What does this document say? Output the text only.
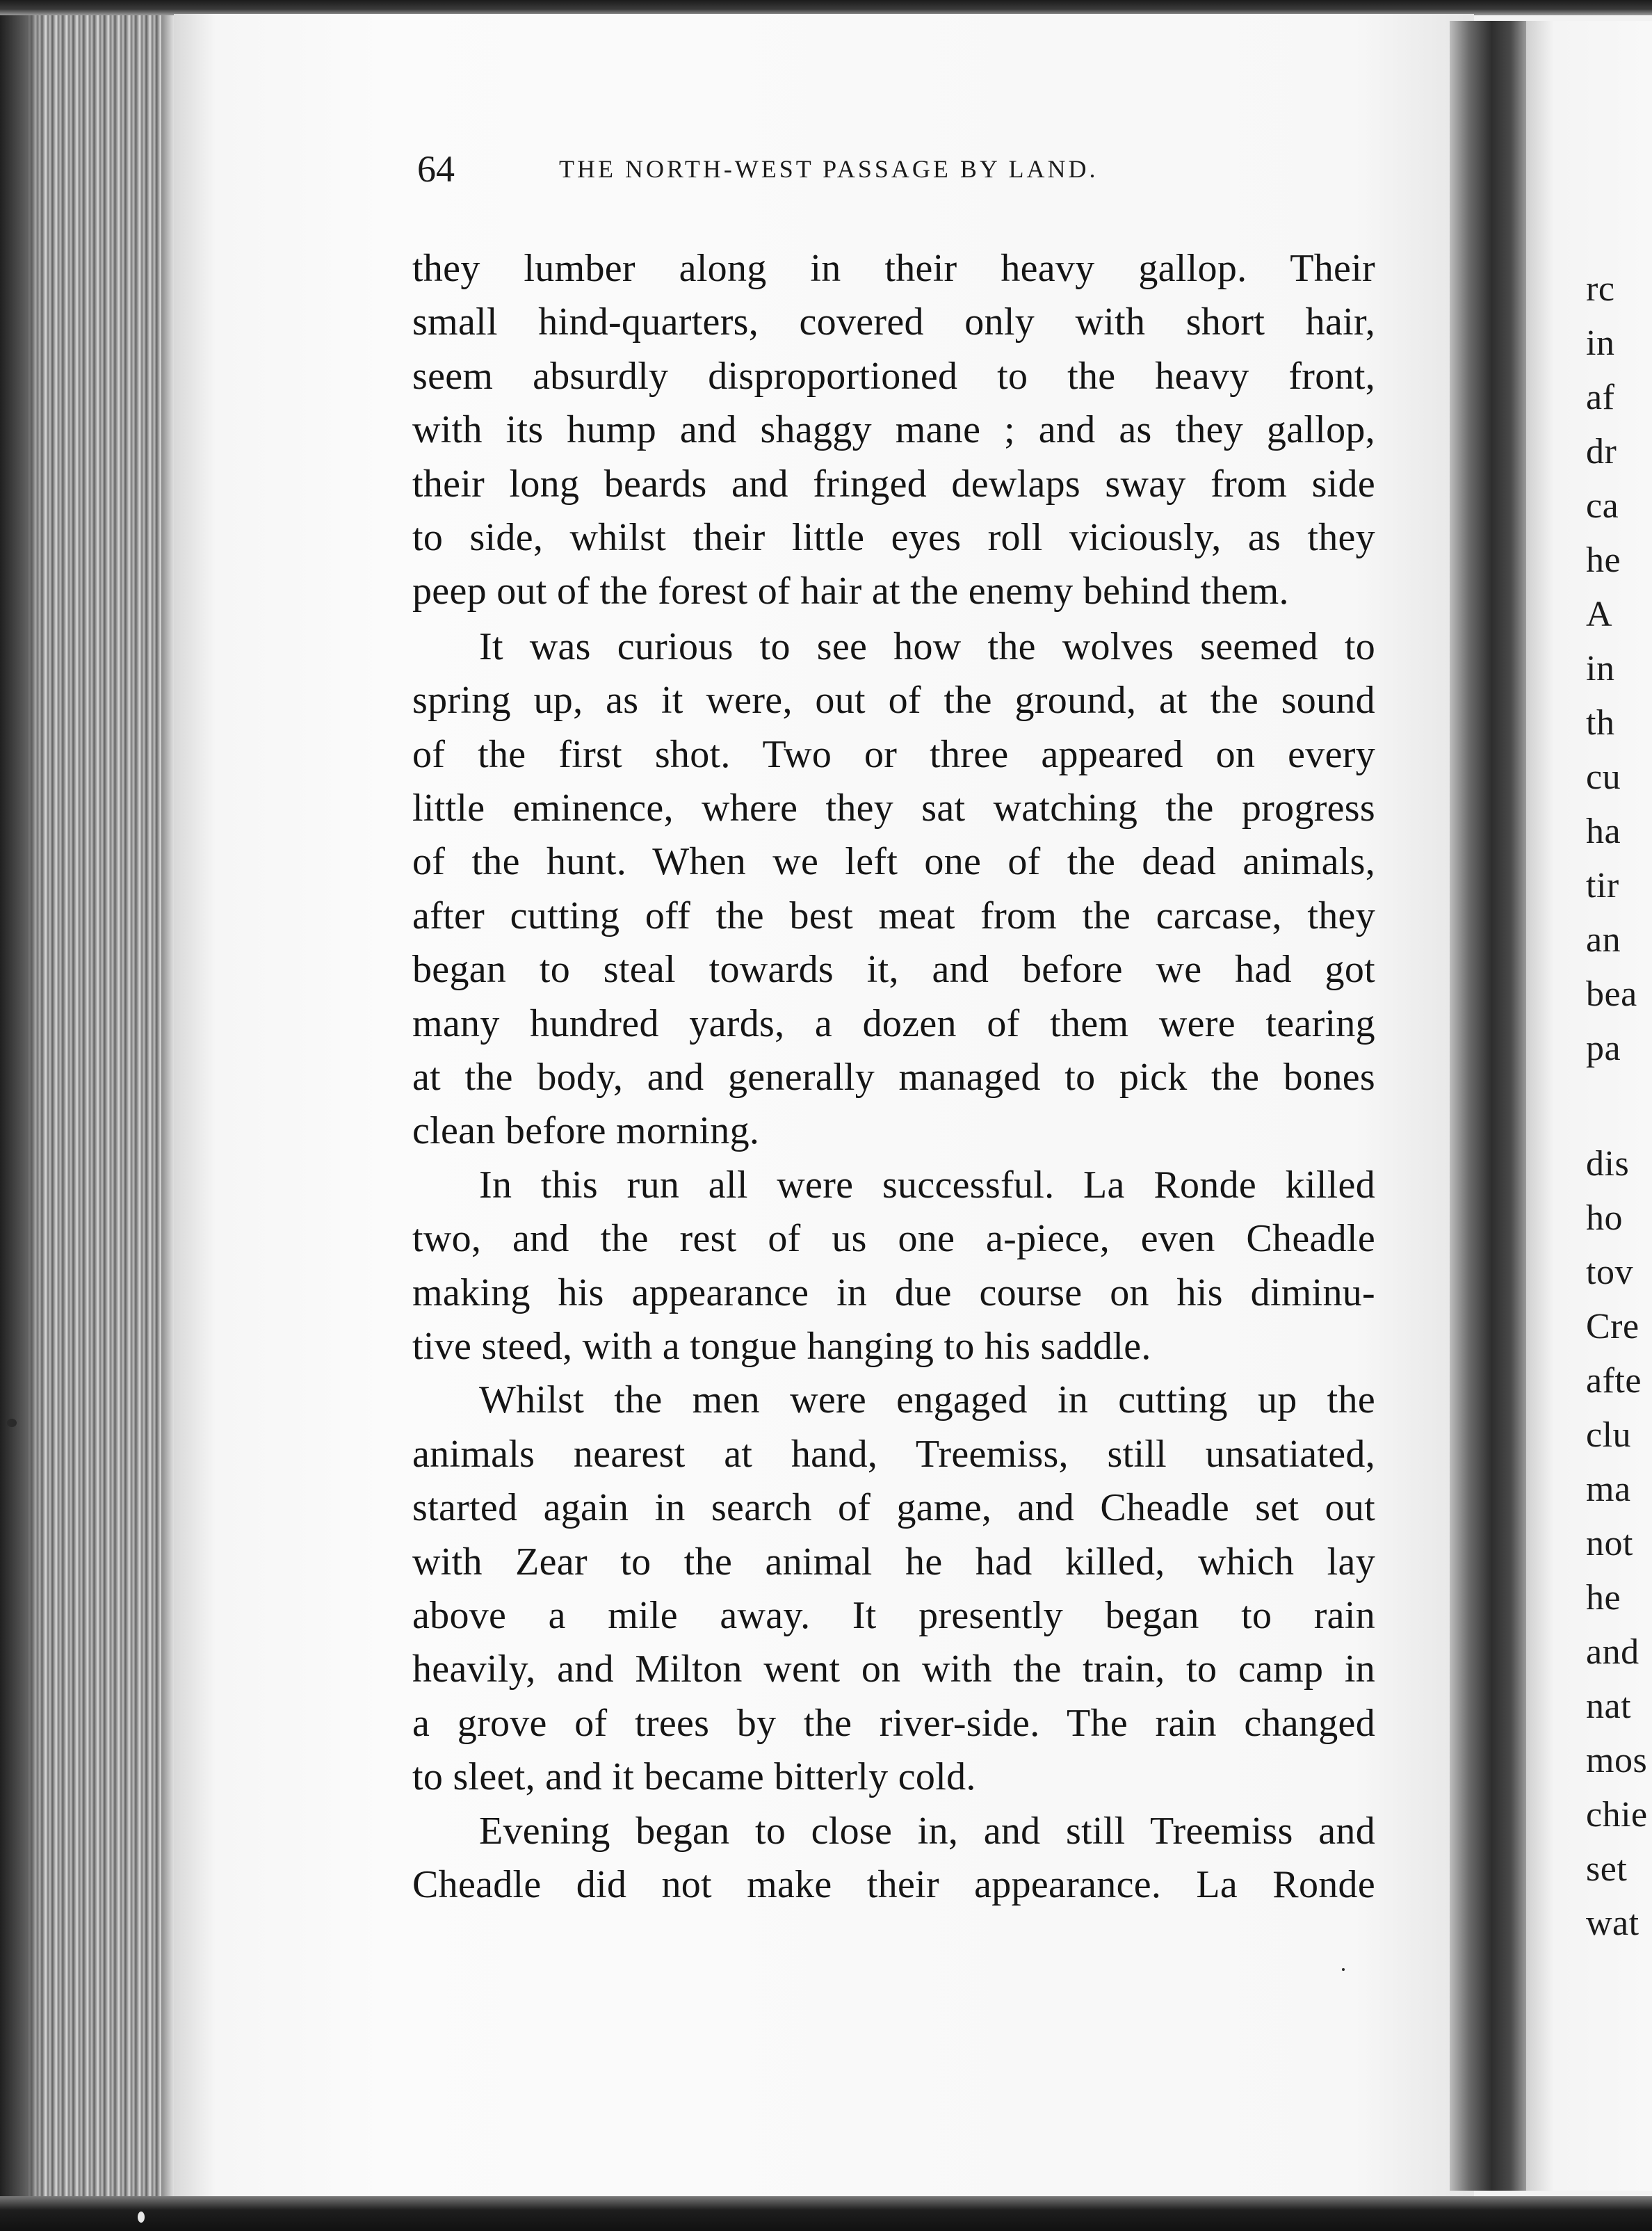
rc
in
af
dr
ca
he
A
in
th
cu
ha
tir
an
bea
pa
dis
ho
tov
Cre
afte
clu
ma
not
he
and
nat
mos
chie
set
wat
64	THE NORTH-WEST PASSAGE BY LAND.
they lumber along in their heavy gallop. Their
small hind-quarters, covered only with short hair,
seem absurdly disproportioned to the heavy front,
with its hump and shaggy mane ; and as they gallop,
their long beards and fringed dewlaps sway from side
to side, whilst their little eyes roll viciously, as they
peep out of the forest of hair at the enemy behind them.
It was curious to see how the wolves seemed to
spring up, as it were, out of the ground, at the sound
of the first shot. Two or three appeared on every
little eminence, where they sat watching the progress
of the hunt. When we left one of the dead animals,
after cutting off the best meat from the carcase, they
began to steal towards it, and before we had got
many hundred yards, a dozen of them were tearing
at the body, and generally managed to pick the bones
clean before morning.
In this run all were successful. La Ronde killed
two, and the rest of us one a-piece, even Cheadle
making his appearance in due course on his diminu-
tive steed, with a tongue hanging to his saddle.
Whilst the men were engaged in cutting up the
animals nearest at hand, Treemiss, still unsatiated,
started again in search of game, and Cheadle set out
with Zear to the animal he had killed, which lay
above a mile away. It presently began to rain
heavily, and Milton went on with the train, to camp in
a grove of trees by the river-side. The rain changed
to sleet, and it became bitterly cold.
Evening began to close in, and still Treemiss and
Cheadle did not make their appearance. La Ronde
